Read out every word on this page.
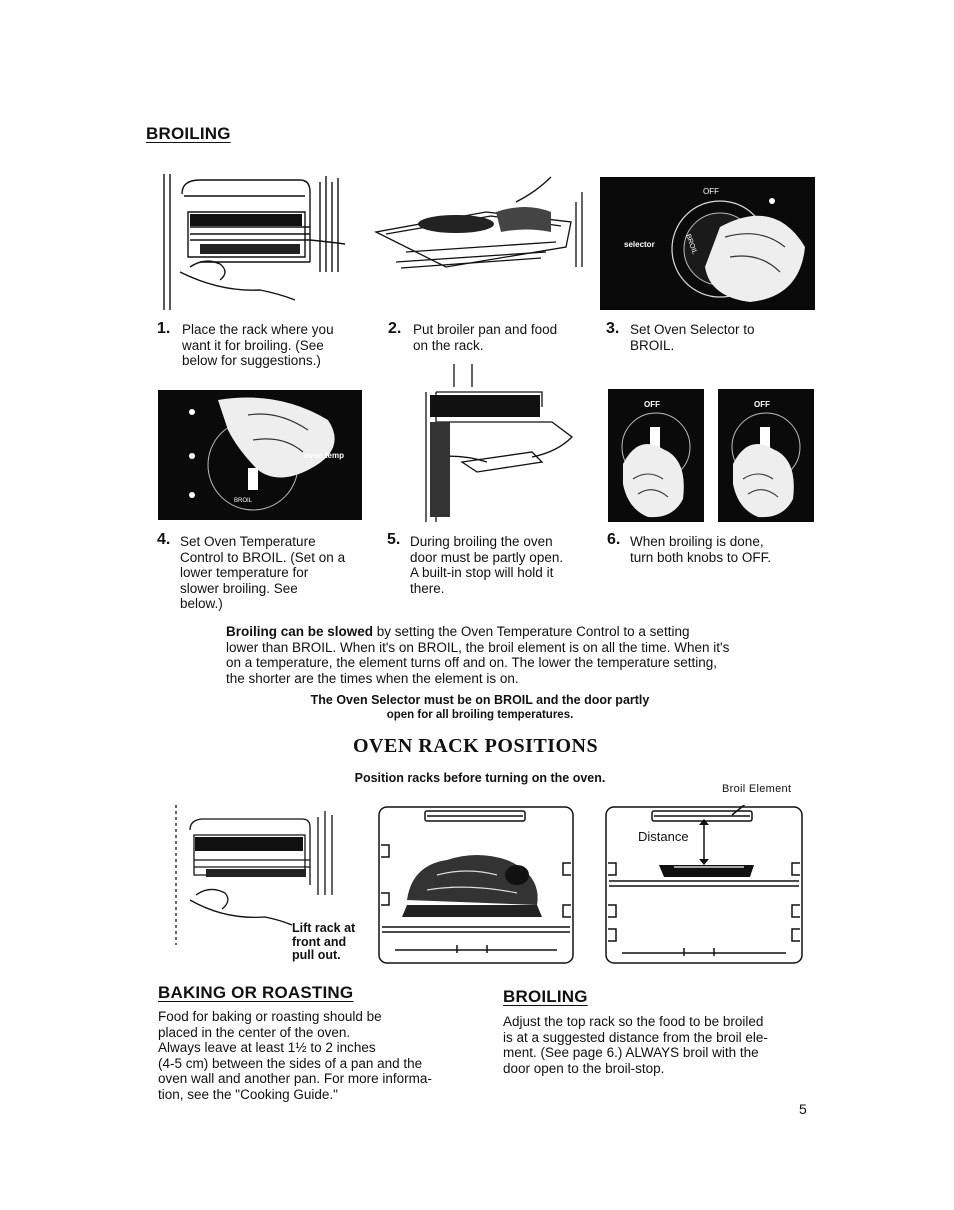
BROILING
OFF
selector	BROIL
1. Place the rack where you
want it for broiling. (See
below for suggestions.)
2. Put broiler pan and food
on the rack.
3. Set Oven Selector to
BROIL.
oven temp
BROIL
OFF	OFF
4. Set Oven Temperature
Control to BROIL. (Set on a
lower temperature for
slower broiling. See
below.)
5. During broiling the oven
door must be partly open.
A built-in stop will hold it
there.
6. When broiling is done,
turn both knobs to OFF.
Broiling can be slowed by setting the Oven Temperature Control to a setting
lower than BROIL. When it's on BROIL, the broil element is on all the time. When it's
on a temperature, the element turns off and on. The lower the temperature setting,
the shorter are the times when the element is on.
The Oven Selector must be on BROIL and the door partly
open for all broiling temperatures.
OVEN RACK POSITIONS
Position racks before turning on the oven.
Lift rack at
front and
pull out.
Broil Element
Distance
BAKING OR ROASTING
Food for baking or roasting should be
placed in the center of the oven.
Always leave at least 1½ to 2 inches
(4-5 cm) between the sides of a pan and the
oven wall and another pan. For more informa-
tion, see the "Cooking Guide."
BROILING
Adjust the top rack so the food to be broiled
is at a suggested distance from the broil ele-
ment. (See page 6.) ALWAYS broil with the
door open to the broil-stop.
5
